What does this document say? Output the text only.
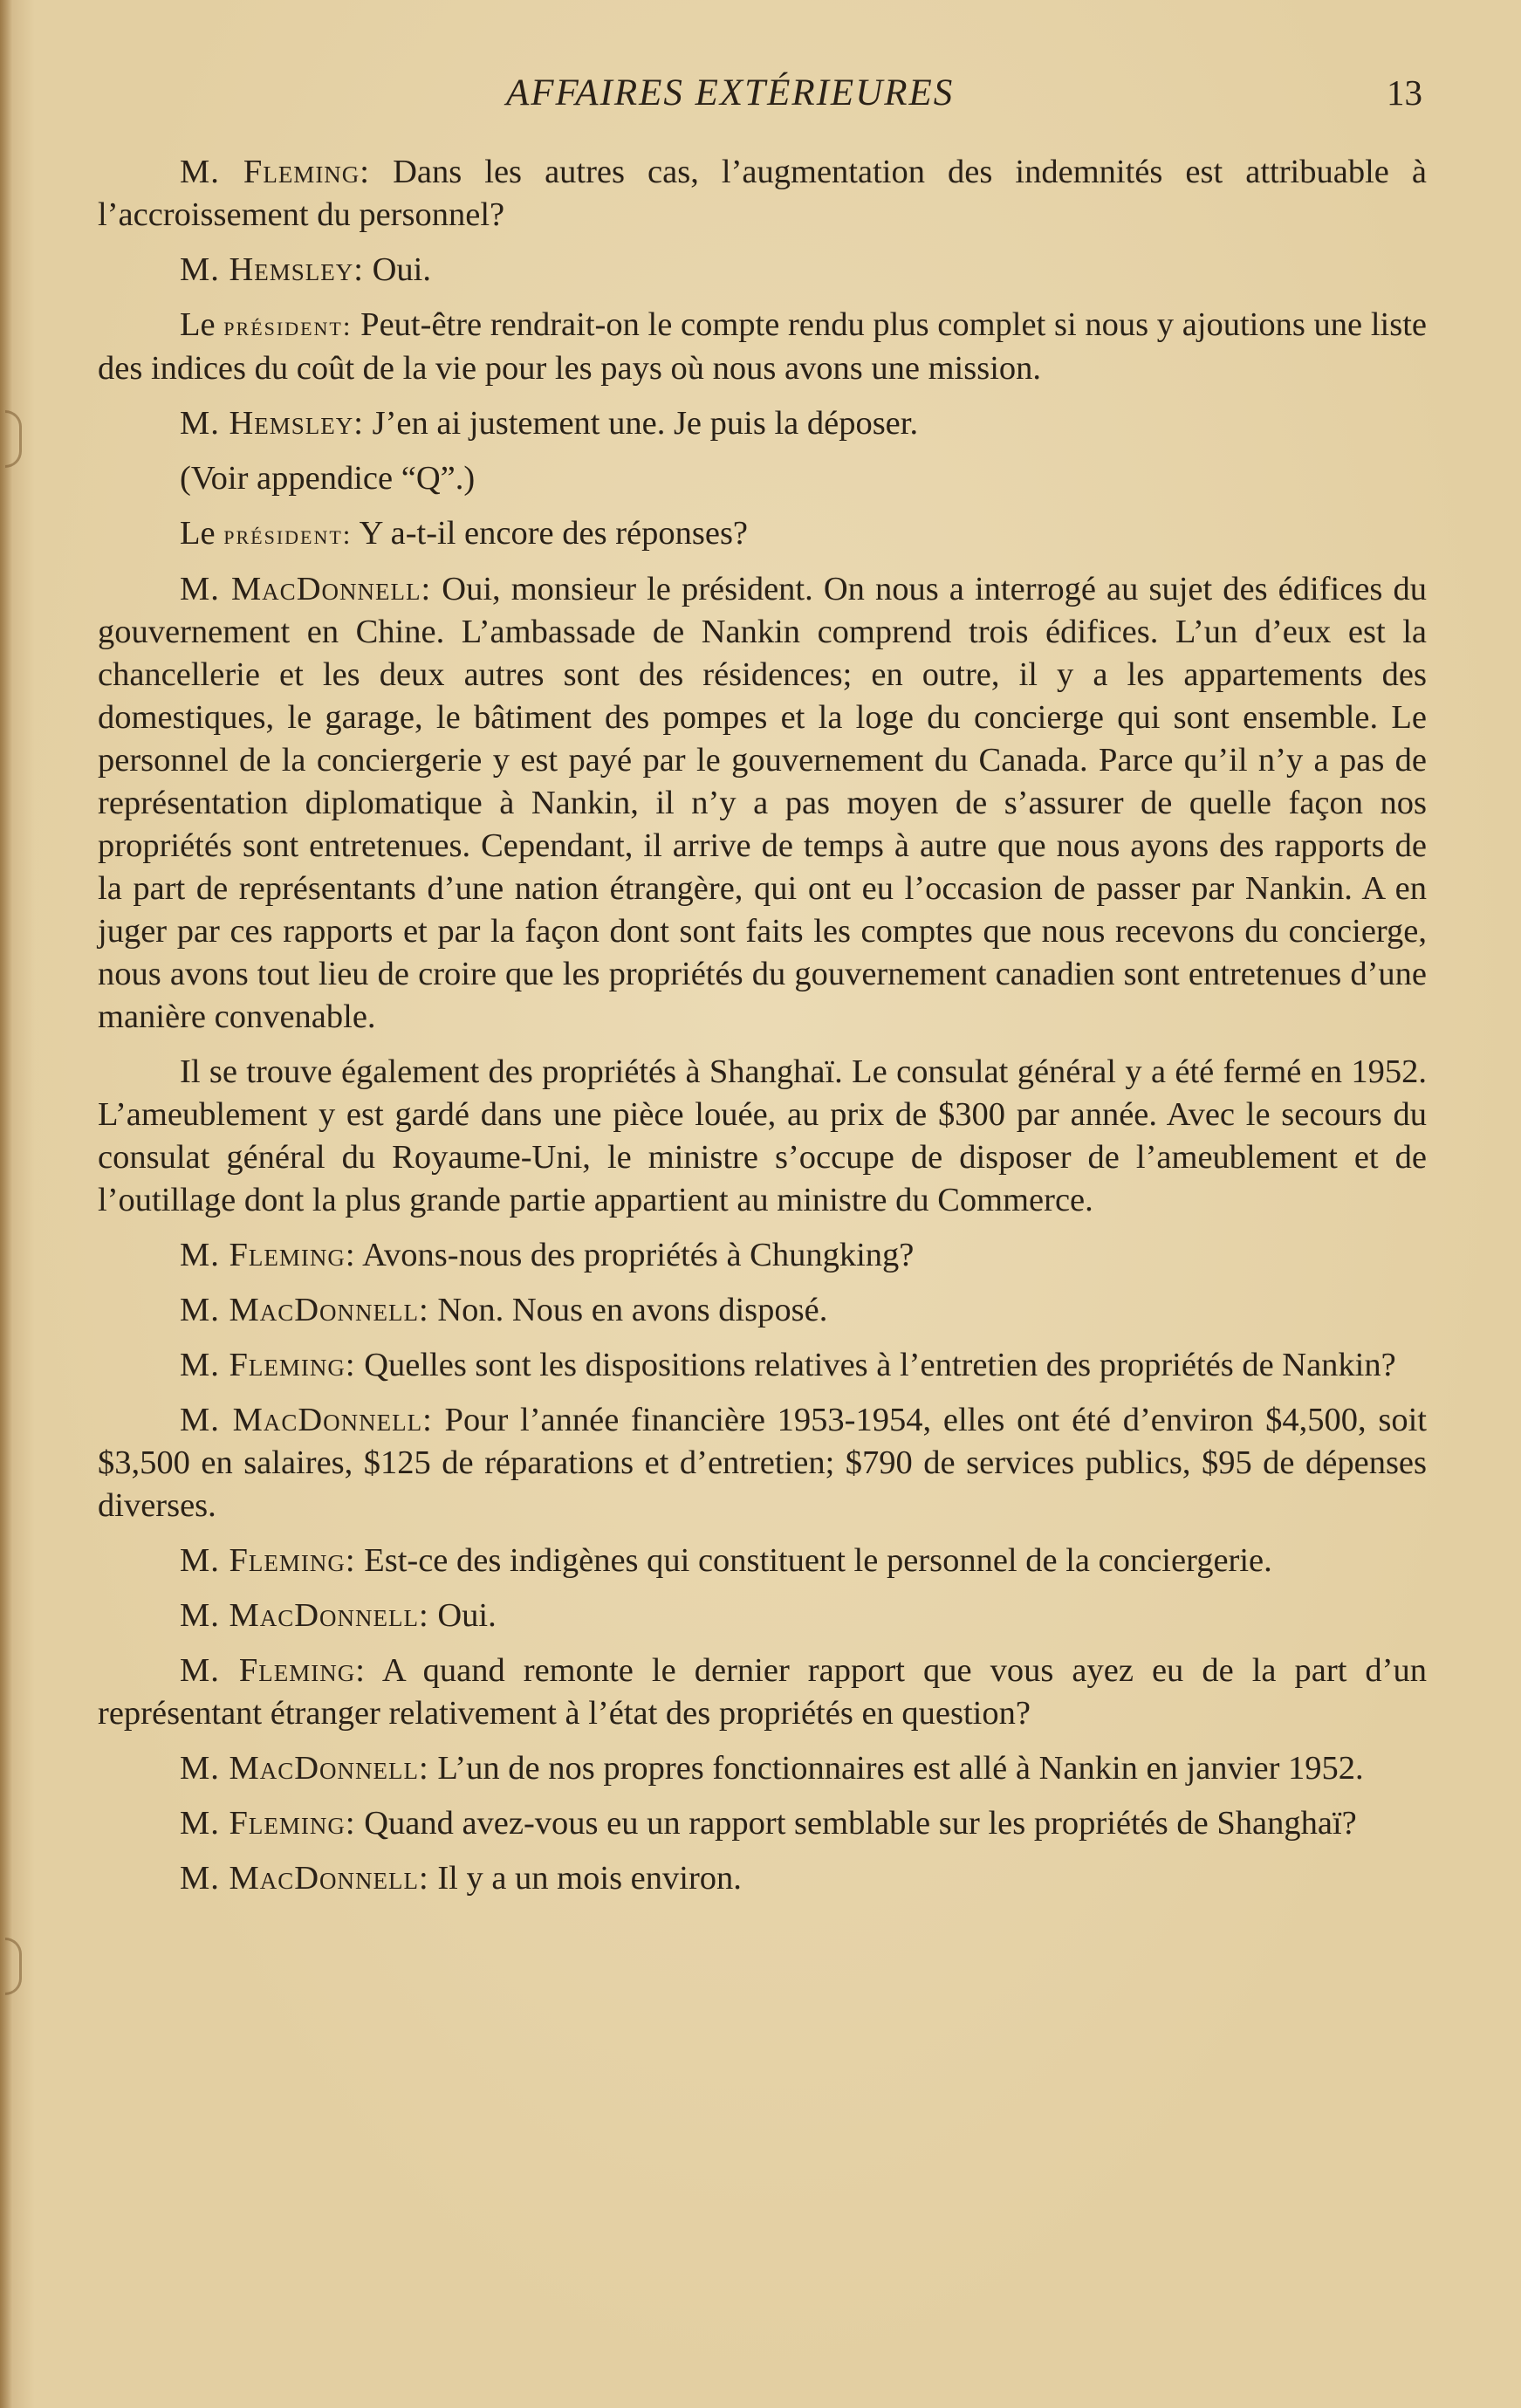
AFFAIRES EXTÉRIEURES	13

M. Fleming: Dans les autres cas, l’augmentation des indemnités est attribuable à l’accroissement du personnel?

M. Hemsley: Oui.

Le président: Peut-être rendrait-on le compte rendu plus complet si nous y ajoutions une liste des indices du coût de la vie pour les pays où nous avons une mission.

M. Hemsley: J’en ai justement une. Je puis la déposer.

(Voir appendice “Q”.)

Le président: Y a-t-il encore des réponses?

M. MacDonnell: Oui, monsieur le président. On nous a interrogé au sujet des édifices du gouvernement en Chine. L’ambassade de Nankin comprend trois édifices. L’un d’eux est la chancellerie et les deux autres sont des résidences; en outre, il y a les appartements des domestiques, le garage, le bâtiment des pompes et la loge du concierge qui sont ensemble. Le personnel de la conciergerie y est payé par le gouvernement du Canada. Parce qu’il n’y a pas de représentation diplomatique à Nankin, il n’y a pas moyen de s’assurer de quelle façon nos propriétés sont entretenues. Cependant, il arrive de temps à autre que nous ayons des rapports de la part de représentants d’une nation étrangère, qui ont eu l’occasion de passer par Nankin. A en juger par ces rapports et par la façon dont sont faits les comptes que nous recevons du concierge, nous avons tout lieu de croire que les propriétés du gouvernement canadien sont entretenues d’une manière convenable.

Il se trouve également des propriétés à Shanghaï. Le consulat général y a été fermé en 1952. L’ameublement y est gardé dans une pièce louée, au prix de $300 par année. Avec le secours du consulat général du Royaume-Uni, le ministre s’occupe de disposer de l’ameublement et de l’outillage dont la plus grande partie appartient au ministre du Commerce.

M. Fleming: Avons-nous des propriétés à Chungking?

M. MacDonnell: Non. Nous en avons disposé.

M. Fleming: Quelles sont les dispositions relatives à l’entretien des propriétés de Nankin?

M. MacDonnell: Pour l’année financière 1953-1954, elles ont été d’environ $4,500, soit $3,500 en salaires, $125 de réparations et d’entretien; $790 de services publics, $95 de dépenses diverses.

M. Fleming: Est-ce des indigènes qui constituent le personnel de la conciergerie.

M. MacDonnell: Oui.

M. Fleming: A quand remonte le dernier rapport que vous ayez eu de la part d’un représentant étranger relativement à l’état des propriétés en question?

M. MacDonnell: L’un de nos propres fonctionnaires est allé à Nankin en janvier 1952.

M. Fleming: Quand avez-vous eu un rapport semblable sur les propriétés de Shanghaï?

M. MacDonnell: Il y a un mois environ.
